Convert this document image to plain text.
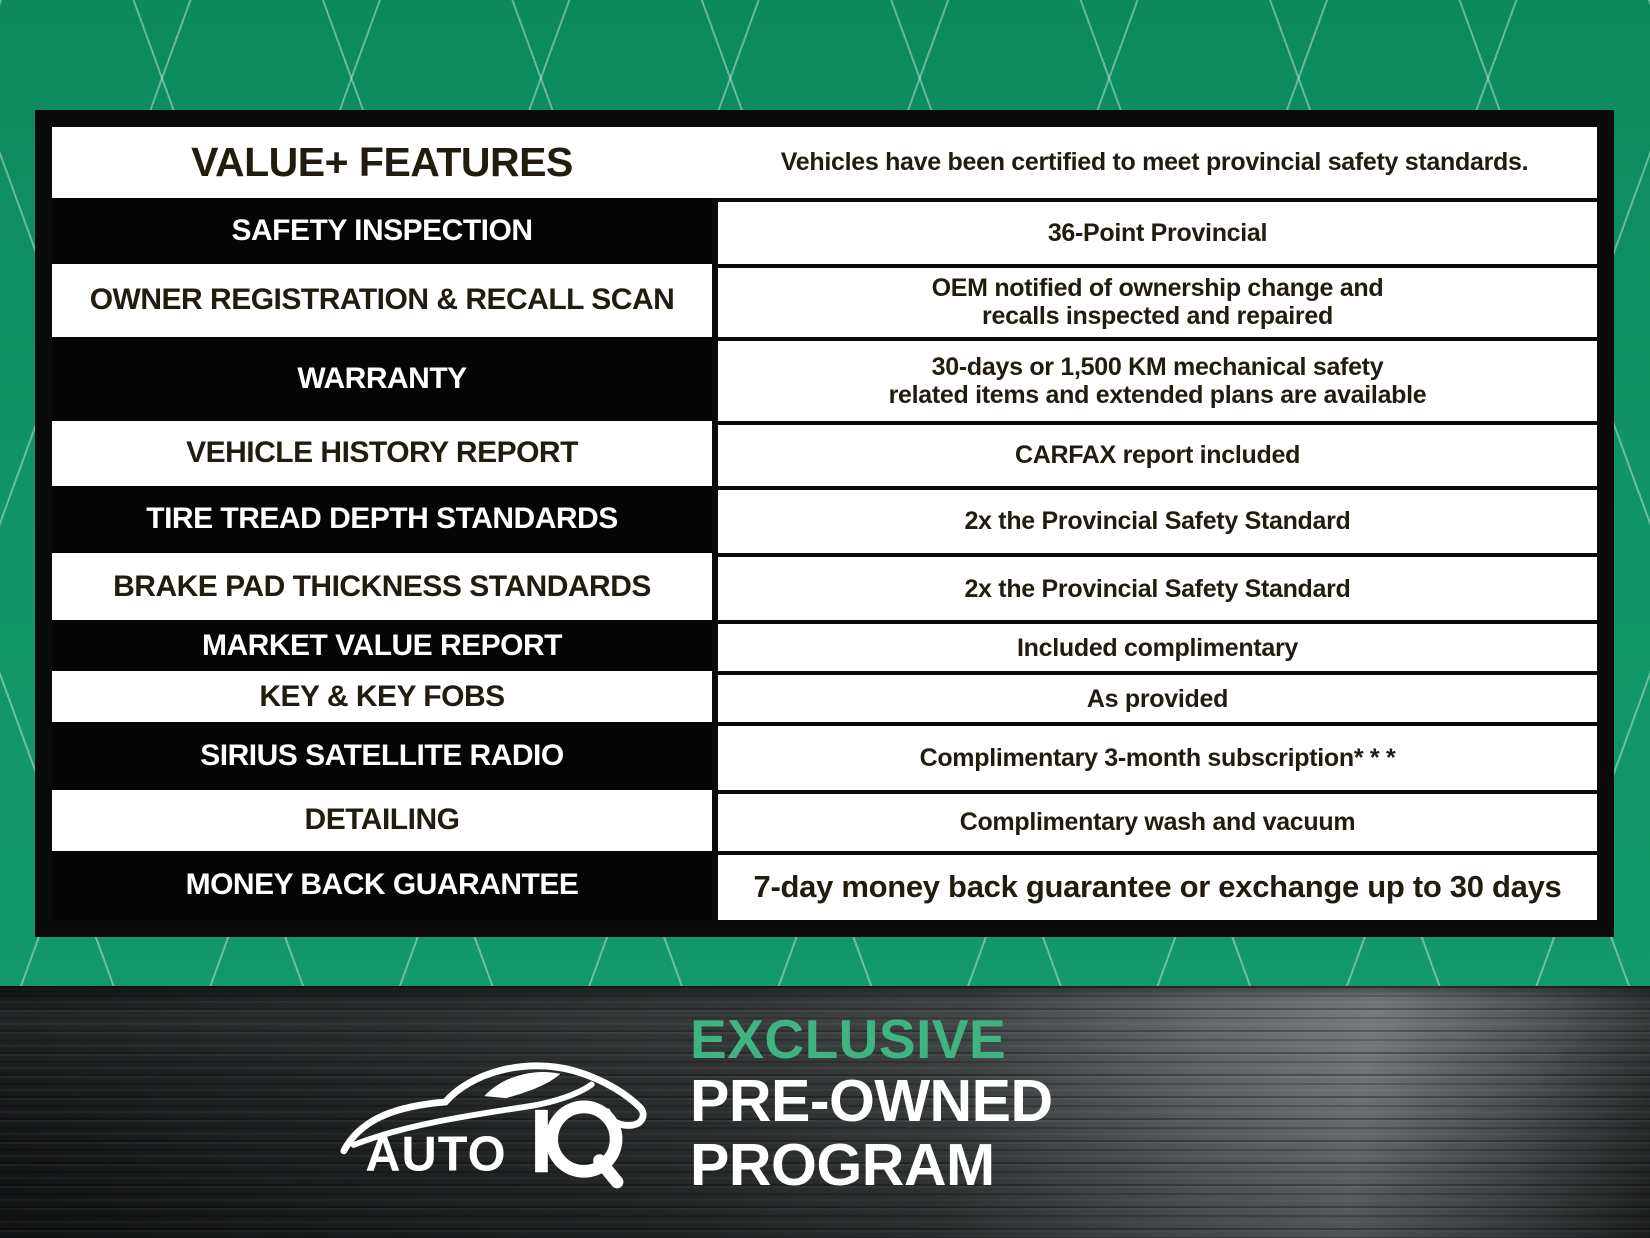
VALUE+ FEATURES	Vehicles have been certified to meet provincial safety standards.
SAFETY INSPECTION	36-Point Provincial
OWNER REGISTRATION & RECALL SCAN	OEM notified of ownership change and
recalls inspected and repaired
WARRANTY	30-days or 1,500 KM mechanical safety
related items and extended plans are available
VEHICLE HISTORY REPORT	CARFAX report included
TIRE TREAD DEPTH STANDARDS	2x the Provincial Safety Standard
BRAKE PAD THICKNESS STANDARDS	2x the Provincial Safety Standard
MARKET VALUE REPORT	Included complimentary
KEY & KEY FOBS	As provided
SIRIUS SATELLITE RADIO	Complimentary 3-month subscription* * *
DETAILING	Complimentary wash and vacuum
MONEY BACK GUARANTEE	7-day money back guarantee or exchange up to 30 days
AUTO
EXCLUSIVE
PRE-OWNED
PROGRAM
